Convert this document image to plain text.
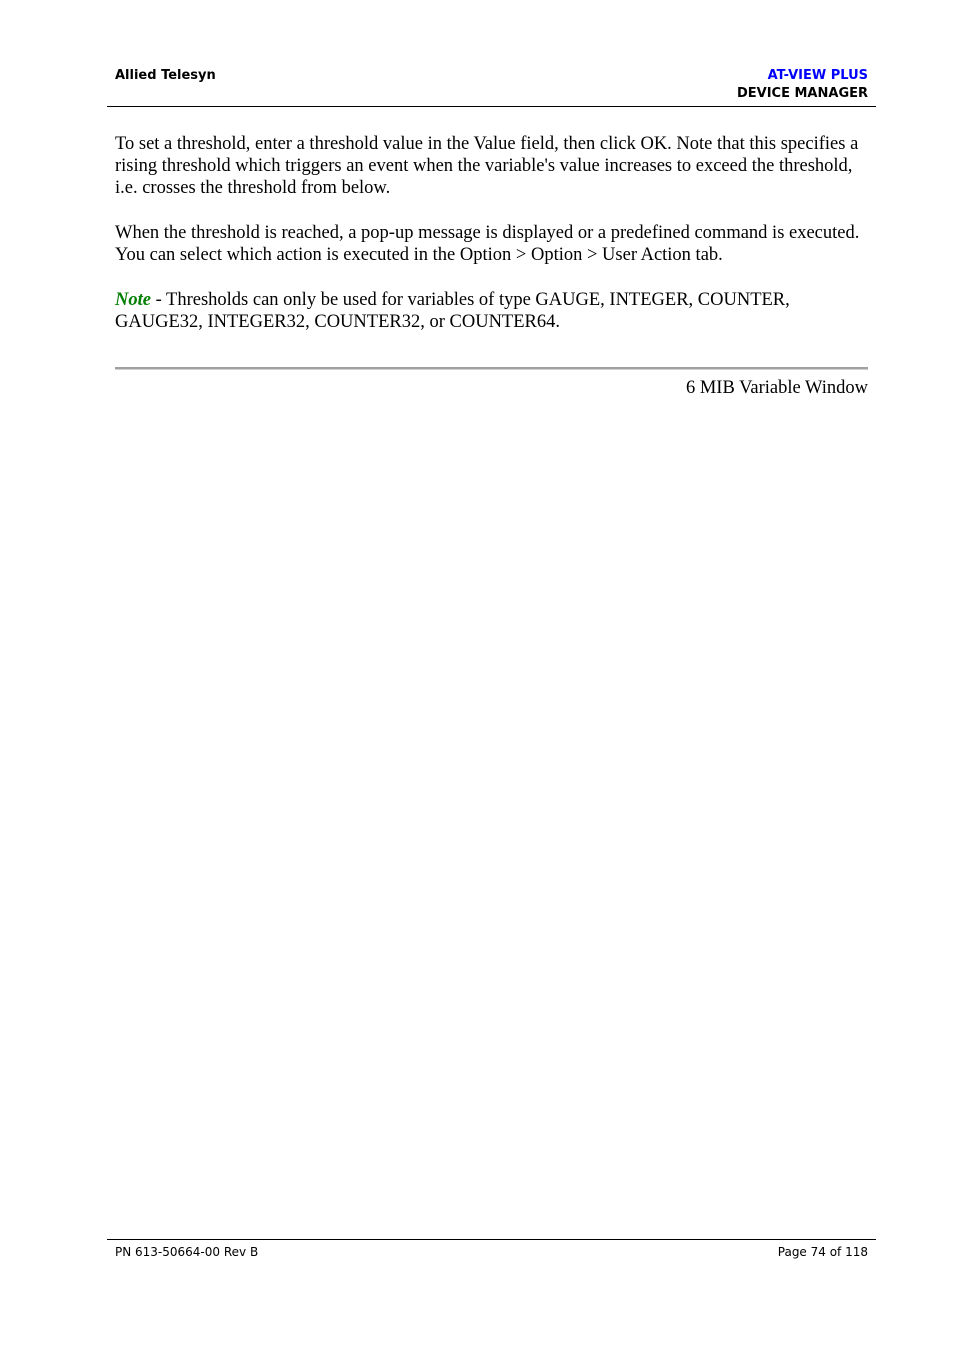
Allied Telesyn	AT-VIEW PLUS
DEVICE MANAGER

To set a threshold, enter a threshold value in the Value field, then click OK. Note that this specifies a rising threshold which triggers an event when the variable's value increases to exceed the threshold, i.e. crosses the threshold from below.

When the threshold is reached, a pop-up message is displayed or a predefined command is executed. You can select which action is executed in the Option > Option > User Action tab.

Note - Thresholds can only be used for variables of type GAUGE, INTEGER, COUNTER, GAUGE32, INTEGER32, COUNTER32, or COUNTER64.

6 MIB Variable Window
PN 613-50664-00 Rev B	Page 74 of 118
